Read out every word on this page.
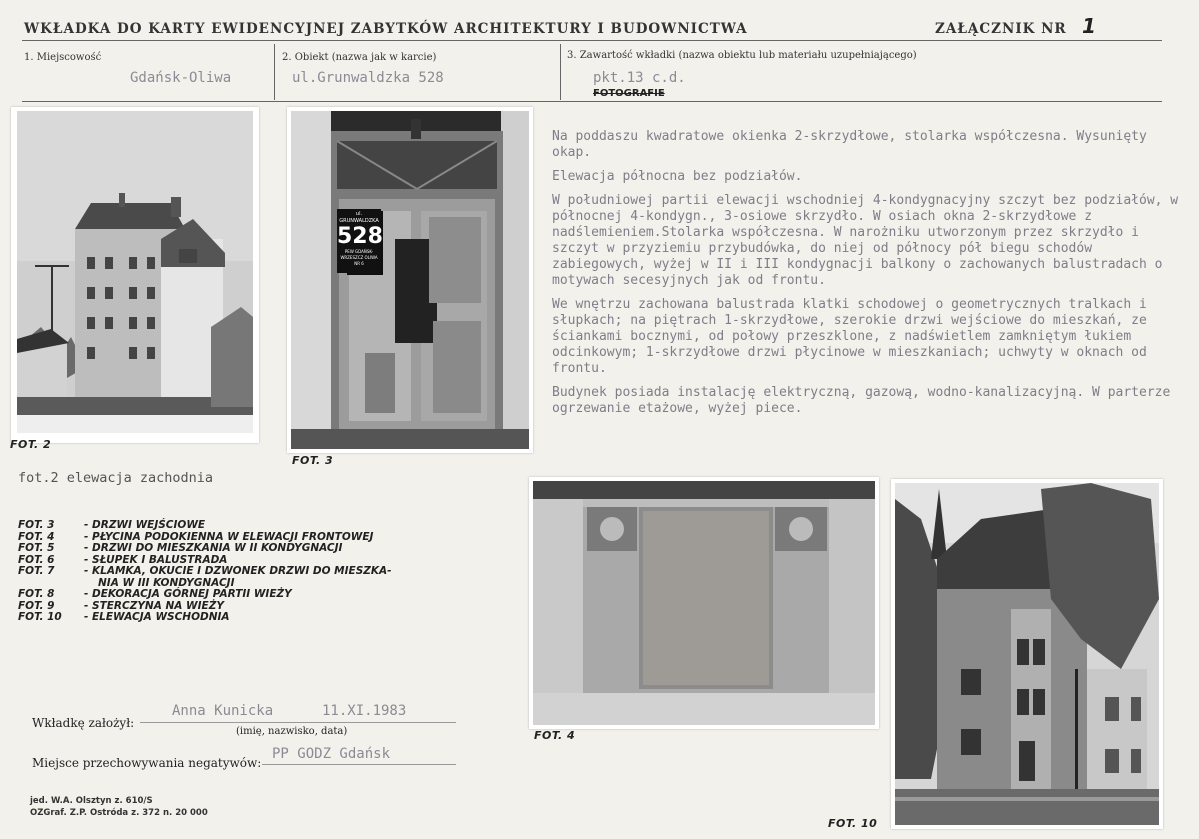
WKŁADKA DO KARTY EWIDENCYJNEJ ZABYTKÓW ARCHITEKTURY I BUDOWNICTWA	ZAŁĄCZNIK NR 1
1. Miejscowość
Gdańsk-Oliwa
2. Obiekt (nazwa jak w karcie)
ul.Grunwaldzka 528
3. Zawartość wkładki (nazwa obiektu lub materiału uzupełniającego)
pkt.13 c.d.
FOTOGRAFIE
FOT. 2
ul. GRUNWALDZKA
528
PEW GDAŃSK-WRZESZCZ OLIWA NR 6
FOT. 3

Na poddaszu kwadratowe okienka 2-skrzydłowe, stolarka współczesna. Wysunięty okap.

Elewacja północna bez podziałów.

W południowej partii elewacji wschodniej 4-kondygnacyjny szczyt bez podziałów, w północnej 4-kondygn., 3-osiowe skrzydło. W osiach okna 2-skrzydłowe z nadślemieniem.Stolarka współczesna. W narożniku utworzonym przez skrzydło i szczyt w przyziemiu przybudówka, do niej od północy pół biegu schodów zabiegowych, wyżej w II i III kondygnacji balkony o zachowanych balustradach o motywach secesyjnych jak od frontu.

We wnętrzu zachowana balustrada klatki schodowej o geometrycznych tralkach i słupkach; na piętrach 1-skrzydłowe, szerokie drzwi wejściowe do mieszkań, ze ściankami bocznymi, od połowy przeszklone, z nadświetlem zamkniętym łukiem odcinkowym; 1-skrzydłowe drzwi płycinowe w mieszkaniach; uchwyty w oknach od frontu.

Budynek posiada instalację elektryczną, gazową, wodno-kanalizacyjną. W parterze ogrzewanie etażowe, wyżej piece.

fot.2 elewacja zachodnia
FOT. 3	- DRZWI WEJŚCIOWE
FOT. 4	- PŁYCINA PODOKIENNA W ELEWACJI FRONTOWEJ
FOT. 5	- DRZWI DO MIESZKANIA W II KONDYGNACJI
FOT. 6	- SŁUPEK I BALUSTRADA
FOT. 7	- KLAMKA, OKUCIE I DZWONEK DRZWI DO MIESZKA-
NIA W III KONDYGNACJI
FOT. 8	- DEKORACJA GÓRNEJ PARTII WIEŻY
FOT. 9	- STERCZYNA NA WIEŻY
FOT. 10	- ELEWACJA WSCHODNIA
Wkładkę założył:
Anna Kunicka	11.XI.1983
(imię, nazwisko, data)
Miejsce przechowywania negatywów:
PP GODZ Gdańsk
jed. W.A. Olsztyn z. 610/S
OZGraf. Z.P. Ostróda z. 372 n. 20 000
FOT. 4
FOT. 10
